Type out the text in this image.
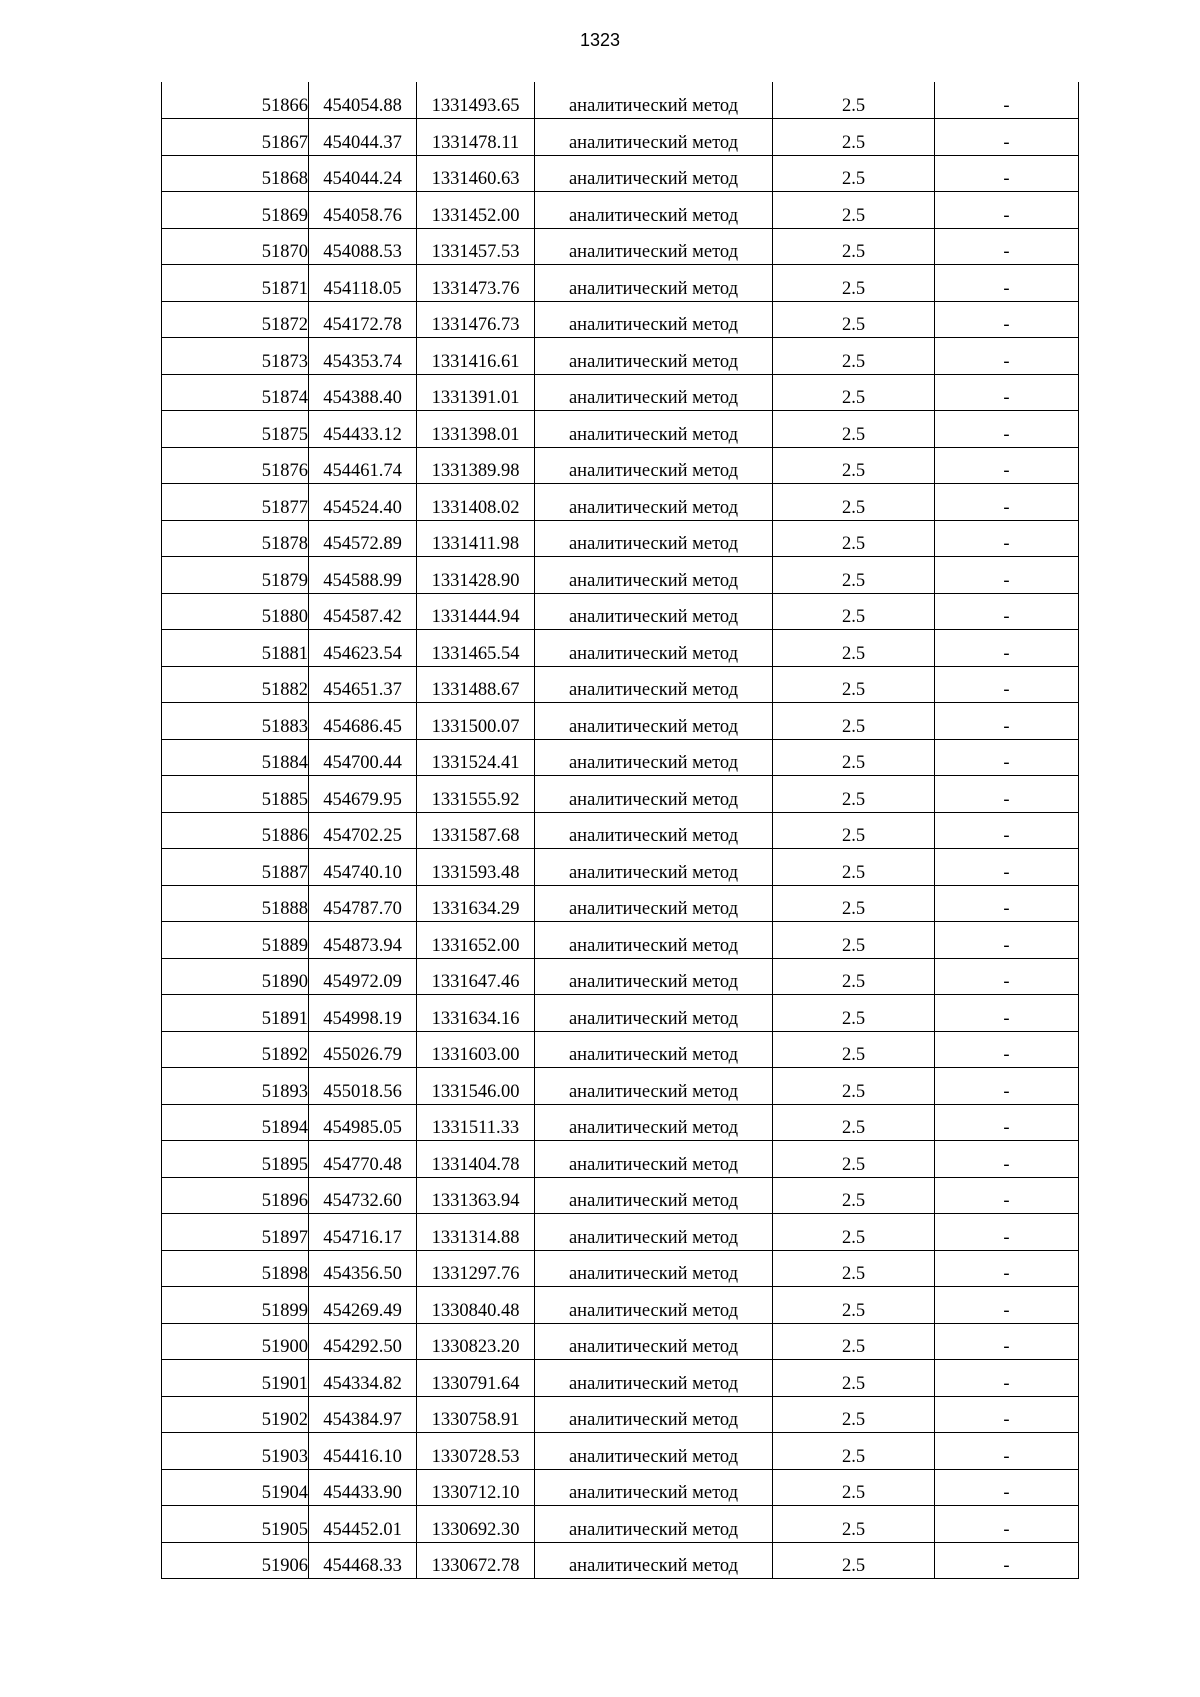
1323
51866	454054.88	1331493.65	аналитический метод	2.5	-
51867	454044.37	1331478.11	аналитический метод	2.5	-
51868	454044.24	1331460.63	аналитический метод	2.5	-
51869	454058.76	1331452.00	аналитический метод	2.5	-
51870	454088.53	1331457.53	аналитический метод	2.5	-
51871	454118.05	1331473.76	аналитический метод	2.5	-
51872	454172.78	1331476.73	аналитический метод	2.5	-
51873	454353.74	1331416.61	аналитический метод	2.5	-
51874	454388.40	1331391.01	аналитический метод	2.5	-
51875	454433.12	1331398.01	аналитический метод	2.5	-
51876	454461.74	1331389.98	аналитический метод	2.5	-
51877	454524.40	1331408.02	аналитический метод	2.5	-
51878	454572.89	1331411.98	аналитический метод	2.5	-
51879	454588.99	1331428.90	аналитический метод	2.5	-
51880	454587.42	1331444.94	аналитический метод	2.5	-
51881	454623.54	1331465.54	аналитический метод	2.5	-
51882	454651.37	1331488.67	аналитический метод	2.5	-
51883	454686.45	1331500.07	аналитический метод	2.5	-
51884	454700.44	1331524.41	аналитический метод	2.5	-
51885	454679.95	1331555.92	аналитический метод	2.5	-
51886	454702.25	1331587.68	аналитический метод	2.5	-
51887	454740.10	1331593.48	аналитический метод	2.5	-
51888	454787.70	1331634.29	аналитический метод	2.5	-
51889	454873.94	1331652.00	аналитический метод	2.5	-
51890	454972.09	1331647.46	аналитический метод	2.5	-
51891	454998.19	1331634.16	аналитический метод	2.5	-
51892	455026.79	1331603.00	аналитический метод	2.5	-
51893	455018.56	1331546.00	аналитический метод	2.5	-
51894	454985.05	1331511.33	аналитический метод	2.5	-
51895	454770.48	1331404.78	аналитический метод	2.5	-
51896	454732.60	1331363.94	аналитический метод	2.5	-
51897	454716.17	1331314.88	аналитический метод	2.5	-
51898	454356.50	1331297.76	аналитический метод	2.5	-
51899	454269.49	1330840.48	аналитический метод	2.5	-
51900	454292.50	1330823.20	аналитический метод	2.5	-
51901	454334.82	1330791.64	аналитический метод	2.5	-
51902	454384.97	1330758.91	аналитический метод	2.5	-
51903	454416.10	1330728.53	аналитический метод	2.5	-
51904	454433.90	1330712.10	аналитический метод	2.5	-
51905	454452.01	1330692.30	аналитический метод	2.5	-
51906	454468.33	1330672.78	аналитический метод	2.5	-
